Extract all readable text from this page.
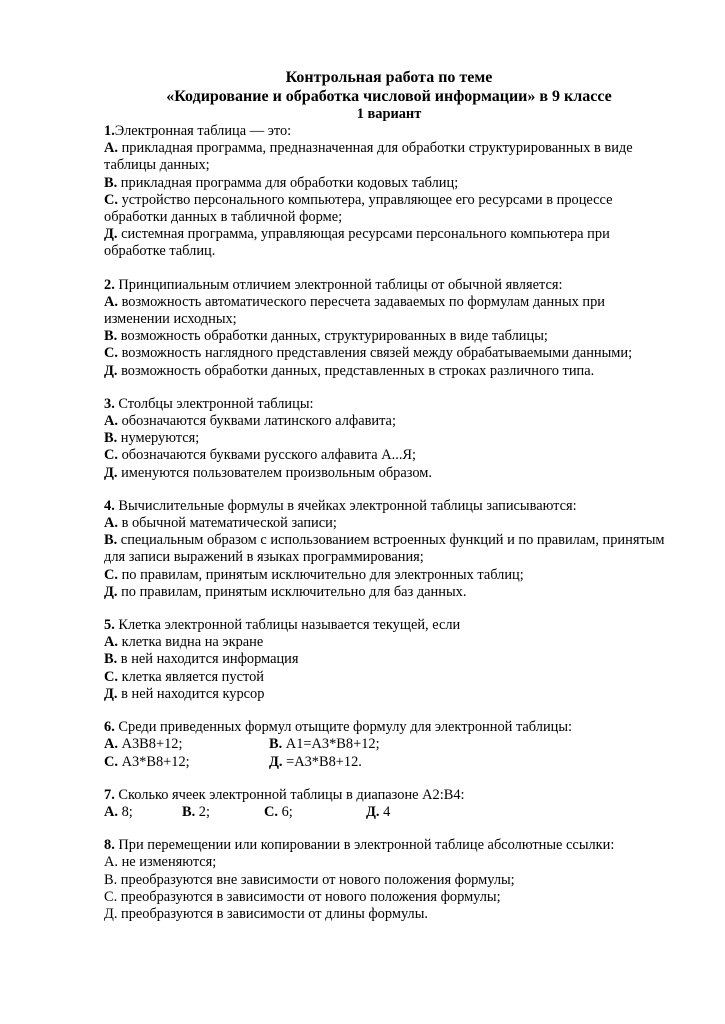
Контрольная работа по теме
«Кодирование и обработка числовой информации» в 9 классе
1 вариант
1.Электронная таблица — это:
А. прикладная программа, предназначенная для обработки структурированных в виде таблицы данных;
В. прикладная программа для обработки кодовых таблиц;
С. устройство персонального компьютера, управляющее его ресурсами в процессе обработки данных в табличной форме;
Д. системная программа, управляющая ресурсами персонального компьютера при обработке таблиц.
2. Принципиальным отличием электронной таблицы от обычной является:
А. возможность автоматического пересчета задаваемых по формулам данных при изменении исходных;
В. возможность обработки данных, структурированных в виде таблицы;
С. возможность наглядного представления связей между обрабатываемыми данными;
Д. возможность обработки данных, представленных в строках различного типа.
3. Столбцы электронной таблицы:
А. обозначаются буквами латинского алфавита;
В. нумеруются;
С. обозначаются буквами русского алфавита А...Я;
Д. именуются пользователем произвольным образом.
4. Вычислительные формулы в ячейках электронной таблицы записываются:
А. в обычной математической записи;
В. специальным образом с использованием встроенных функций и по правилам, принятым для записи выражений в языках программирования;
С. по правилам, принятым исключительно для электронных таблиц;
Д. по правилам, принятым исключительно для баз данных.
5. Клетка электронной таблицы называется текущей, если
А. клетка видна на экране
В. в ней находится информация
С. клетка является пустой
Д. в ней находится курсор
6. Среди приведенных формул отыщите формулу для электронной таблицы:
А. А3В8+12;	В. А1=А3*В8+12;
С. А3*В8+12;	Д. =А3*В8+12.
7. Сколько ячеек электронной таблицы в диапазоне А2:В4:
А. 8;	В. 2;	С. 6;	Д. 4
8. При перемещении или копировании в электронной таблице абсолютные ссылки:
А. не изменяются;
В. преобразуются вне зависимости от нового положения формулы;
С. преобразуются в зависимости от нового положения формулы;
Д. преобразуются в зависимости от длины формулы.
